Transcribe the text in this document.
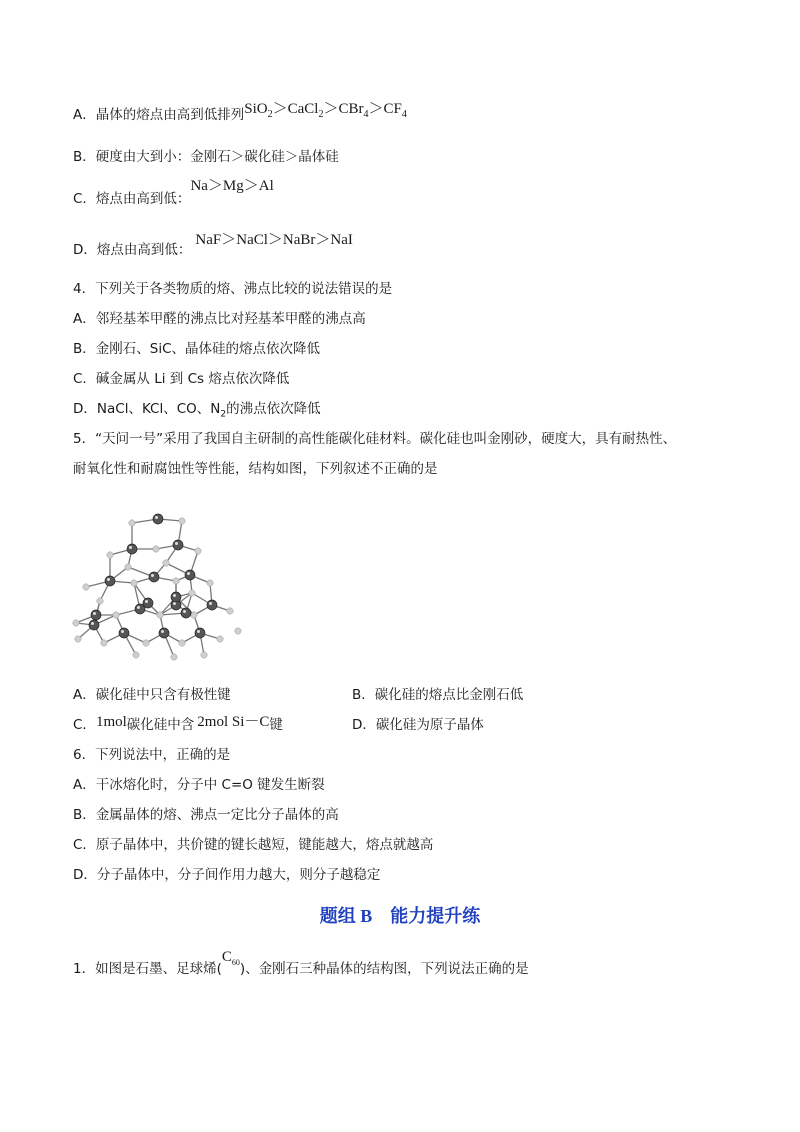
A．晶体的熔点由高到低排列$SiO_2>CaCl_2>CBr_4>CF_4$
B．硬度由大到小：金刚石＞碳化硅＞晶体硅
C．熔点由高到低：Na＞Mg＞Al
D．熔点由高到低：NaF＞NaCl＞NaBr＞NaI
4．下列关于各类物质的熔、沸点比较的说法错误的是
A．邻羟基苯甲醛的沸点比对羟基苯甲醛的沸点高
B．金刚石、SiC、晶体硅的熔点依次降低
C．碱金属从 Li 到 Cs 熔点依次降低
D．NaCl、KCl、CO、$N_2$的沸点依次降低
5．“天问一号”采用了我国自主研制的高性能碳化硅材料。碳化硅也叫金刚砂，硬度大，具有耐热性、
耐氧化性和耐腐蚀性等性能，结构如图，下列叙述不正确的是
A．碳化硅中只含有极性键	B．碳化硅的熔点比金刚石低
C．1mol碳化硅中含 2mol Si－C键	D．碳化硅为原子晶体
6．下列说法中，正确的是
A．干冰熔化时，分子中 C=O 键发生断裂
B．金属晶体的熔、沸点一定比分子晶体的高
C．原子晶体中，共价键的键长越短，键能越大，熔点就越高
D．分子晶体中，分子间作用力越大，则分子越稳定
题组 B 能力提升练
1．如图是石墨、足球烯$(C_{60})$、金刚石三种晶体的结构图，下列说法正确的是
